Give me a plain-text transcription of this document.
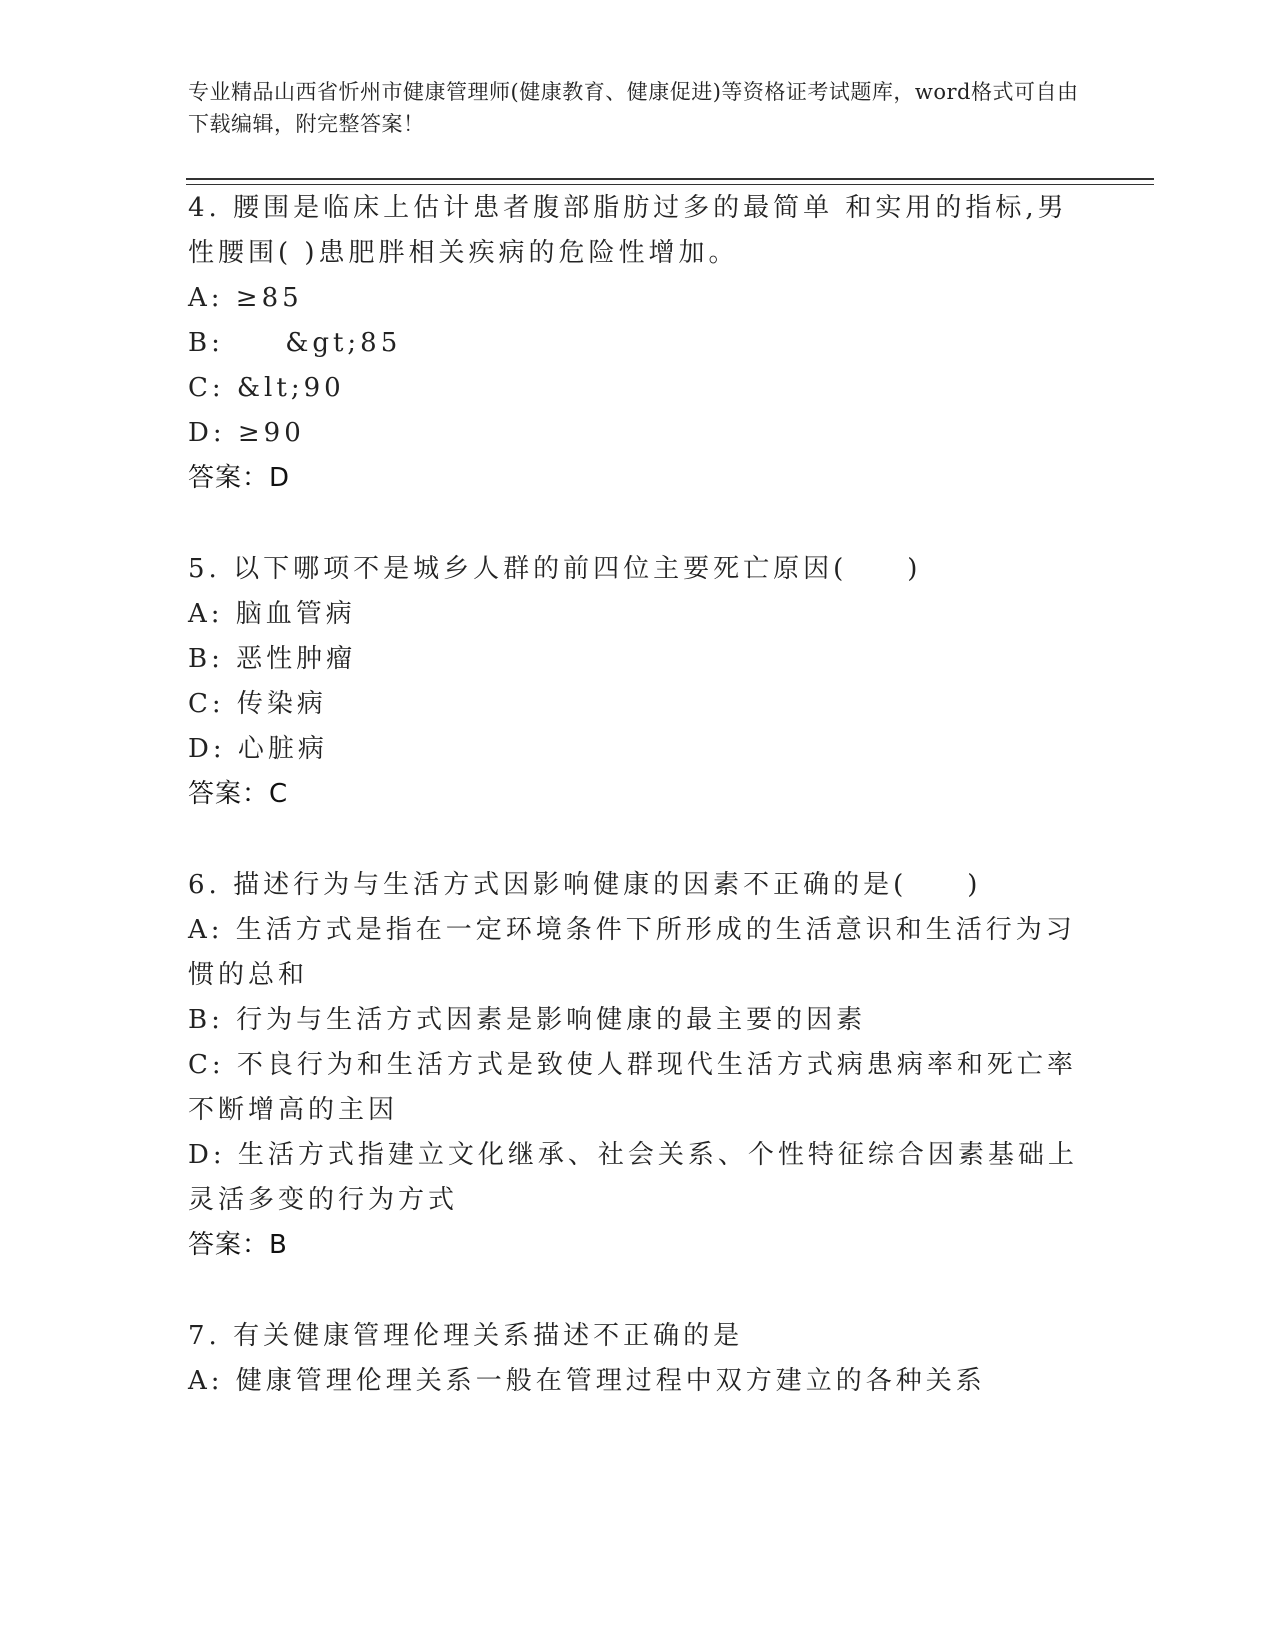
专业精品山西省忻州市健康管理师(健康教育、健康促进)等资格证考试题库，word格式可自由下载编辑，附完整答案！
4. 腰围是临床上估计患者腹部脂肪过多的最简单 和实用的指标,男性腰围( )患肥胖相关疾病的危险性增加。
A: ≥85
B:     &gt;85
C: &lt;90
D: ≥90
答案：D
5. 以下哪项不是城乡人群的前四位主要死亡原因(　　)
A: 脑血管病
B: 恶性肿瘤
C: 传染病
D: 心脏病
答案：C
6. 描述行为与生活方式因影响健康的因素不正确的是(　　)
A: 生活方式是指在一定环境条件下所形成的生活意识和生活行为习惯的总和
B: 行为与生活方式因素是影响健康的最主要的因素
C: 不良行为和生活方式是致使人群现代生活方式病患病率和死亡率不断增高的主因
D: 生活方式指建立文化继承、社会关系、个性特征综合因素基础上灵活多变的行为方式
答案：B
7. 有关健康管理伦理关系描述不正确的是
A: 健康管理伦理关系一般在管理过程中双方建立的各种关系
